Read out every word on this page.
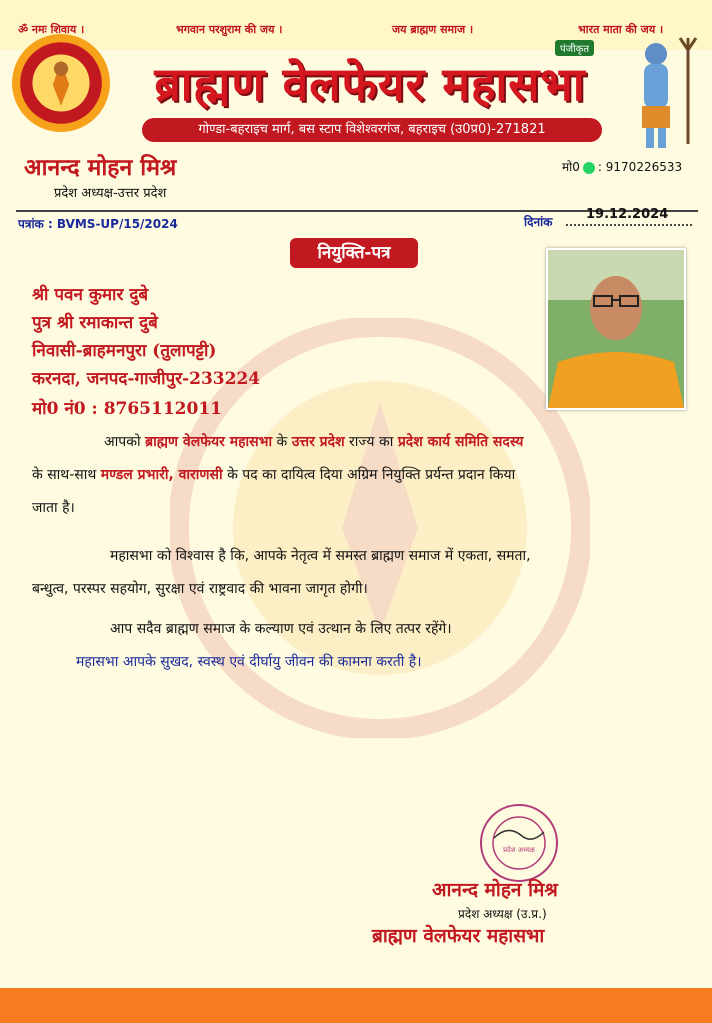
ॐ नमः शिवाय ।	भगवान परशुराम की जय ।	जय ब्राह्मण समाज ।	भारत माता की जय ।
ब्राह्मण वेलफेयर महासभा
पंजीकृत
गोण्डा-बहराइच मार्ग, बस स्टाप विशेश्वरगंज, बहराइच (उ0प्र0)-271821
आनन्द मोहन मिश्र
प्रदेश अध्यक्ष-उत्तर प्रदेश
मो0 : 9170226533
पत्रांक : BVMS-UP/15/2024	दिनांक	19.12.2024
नियुक्ति-पत्र
श्री पवन कुमार दुबे
पुत्र श्री रमाकान्त दुबे
निवासी-ब्राहमनपुरा (तुलापट्टी)
करनदा, जनपद-गाजीपुर-233224
मो0 नं0 : 8765112011
आपको ब्राह्मण वेलफेयर महासभा के उत्तर प्रदेश राज्य का प्रदेश कार्य समिति सदस्य
के साथ-साथ मण्डल प्रभारी, वाराणसी के पद का दायित्व दिया अग्रिम नियुक्ति प्रर्यन्त प्रदान किया
जाता है।
महासभा को विश्वास है कि, आपके नेतृत्व में समस्त ब्राह्मण समाज में एकता, समता,
बन्धुत्व, परस्पर सहयोग, सुरक्षा एवं राष्ट्रवाद की भावना जागृत होगी।
आप सदैव ब्राह्मण समाज के कल्याण एवं उत्थान के लिए तत्पर रहेंगे।
महासभा आपके सुखद, स्वस्थ एवं दीर्घायु जीवन की कामना करती है।
प्रदेश अध्यक्ष
आनन्द मोहन मिश्र
प्रदेश अध्यक्ष (उ.प्र.)
ब्राह्मण वेलफेयर महासभा
